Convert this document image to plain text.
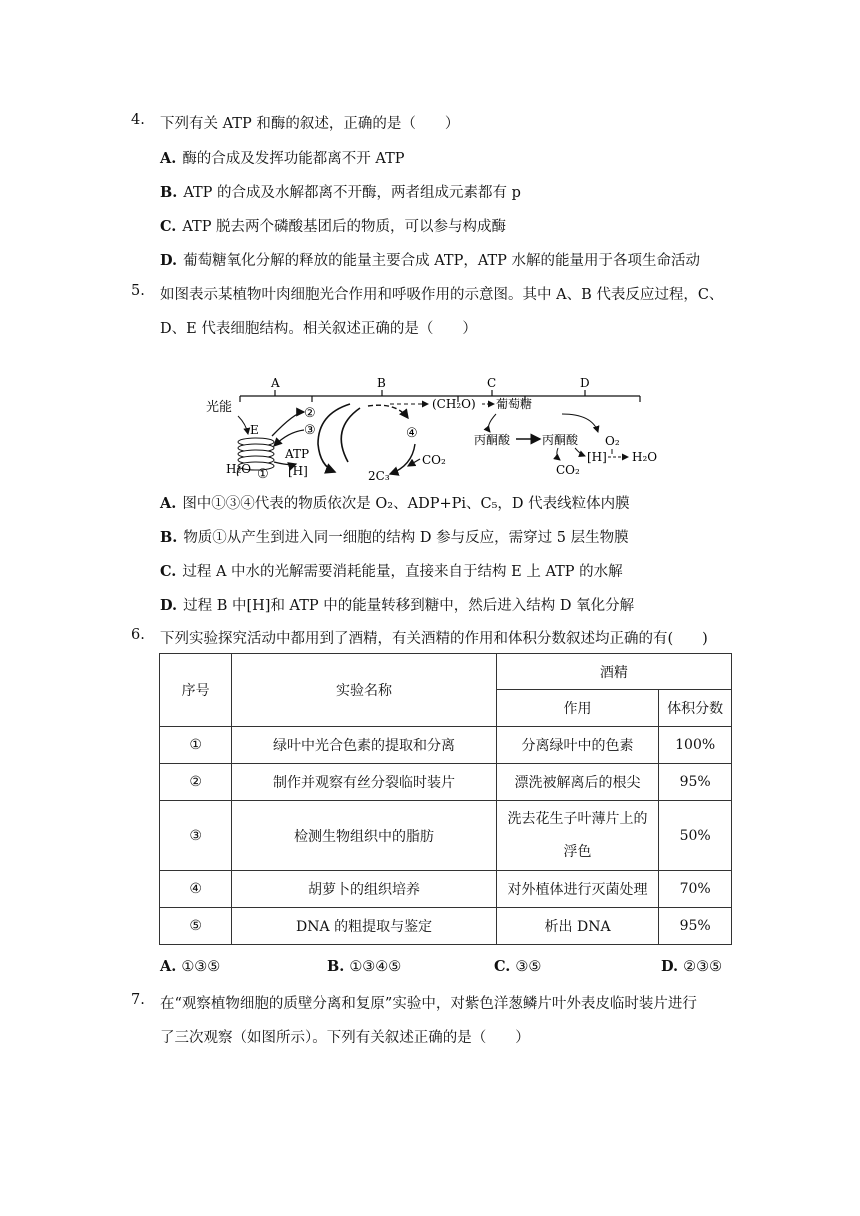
4.	下列有关 ATP 和酶的叙述，正确的是（　　）
A. 酶的合成及发挥功能都离不开 ATP
B. ATP 的合成及水解都离不开酶，两者组成元素都有 p
C. ATP 脱去两个磷酸基团后的物质，可以参与构成酶
D. 葡萄糖氧化分解的释放的能量主要合成 ATP，ATP 水解的能量用于各项生命活动
5.	如图表示某植物叶肉细胞光合作用和呼吸作用的示意图。其中 A、B 代表反应过程，C、
D、E 代表细胞结构。相关叙述正确的是（　　）
A	B	C	D
光能
E
H₂O ①
ATP
[H]
②
③	④
2C₃
CO₂
(CH₂O) 葡萄糖
丙酮酸	丙酮酸
CO₂
[H]
O₂
H₂O
A. 图中①③④代表的物质依次是 O₂、ADP+Pi、C₅，D 代表线粒体内膜
B. 物质①从产生到进入同一细胞的结构 D 参与反应，需穿过 5 层生物膜
C. 过程 A 中水的光解需要消耗能量，直接来自于结构 E 上 ATP 的水解
D. 过程 B 中[H]和 ATP 中的能量转移到糖中，然后进入结构 D 氧化分解
6.	下列实验探究活动中都用到了酒精，有关酒精的作用和体积分数叙述均正确的有(　　)
序号	实验名称	酒精	
		作用	体积分数
①	绿叶中光合色素的提取和分离	分离绿叶中的色素	100%
②	制作并观察有丝分裂临时装片	漂洗被解离后的根尖	95%
③	检测生物组织中的脂肪	洗去花生子叶薄片上的浮色	50%
④	胡萝卜的组织培养	对外植体进行灭菌处理	70%
⑤	DNA 的粗提取与鉴定	析出 DNA	95%
A. ①③⑤	B. ①③④⑤	C. ③⑤	D. ②③⑤
7.	在“观察植物细胞的质壁分离和复原”实验中，对紫色洋葱鳞片叶外表皮临时装片进行
了三次观察（如图所示）。下列有关叙述正确的是（　　）
